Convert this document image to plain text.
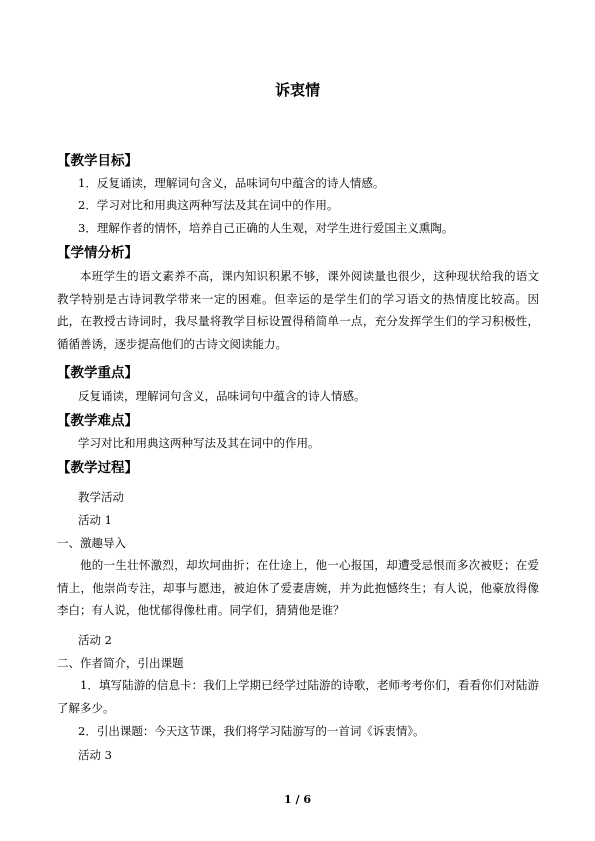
诉衷情
【教学目标】
1．反复诵读，理解词句含义，品味词句中蕴含的诗人情感。
2．学习对比和用典这两种写法及其在词中的作用。
3．理解作者的情怀，培养自己正确的人生观，对学生进行爱国主义熏陶。
【学情分析】
本班学生的语文素养不高，课内知识积累不够，课外阅读量也很少，这种现状给我的语文教学特别是古诗词教学带来一定的困难。但幸运的是学生们的学习语文的热情度比较高。因此，在教授古诗词时，我尽量将教学目标设置得稍简单一点，充分发挥学生们的学习积极性，循循善诱，逐步提高他们的古诗文阅读能力。
【教学重点】
反复诵读，理解词句含义，品味词句中蕴含的诗人情感。
【教学难点】
学习对比和用典这两种写法及其在词中的作用。
【教学过程】
教学活动
活动 1
一、激趣导入
他的一生壮怀激烈，却坎坷曲折；在仕途上，他一心报国，却遭受忌恨而多次被贬；在爱情上，他崇尚专注，却事与愿违，被迫休了爱妻唐婉，并为此抱憾终生；有人说，他豪放得像李白；有人说，他忧郁得像杜甫。同学们，猜猜他是谁？
活动 2
二、作者简介，引出课题
1．填写陆游的信息卡：我们上学期已经学过陆游的诗歌，老师考考你们，看看你们对陆游了解多少。
2．引出课题：今天这节课，我们将学习陆游写的一首词《诉衷情》。
活动 3
1 / 6
